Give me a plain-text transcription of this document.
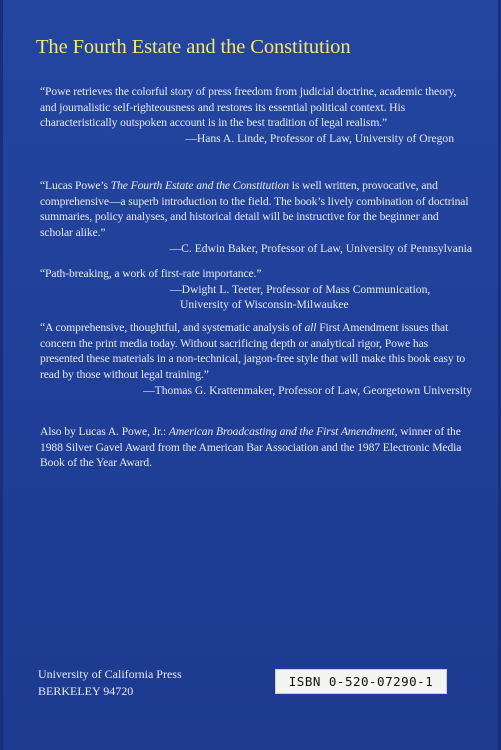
The Fourth Estate and the Constitution

“Powe retrieves the colorful story of press freedom from judicial doctrine, academic theory, and journalistic self-righteousness and restores its essential political context. His characteristically outspoken account is in the best tradition of legal realism.”

—Hans A. Linde, Professor of Law, University of Oregon

“Lucas Powe’s The Fourth Estate and the Constitution is well written, provocative, and comprehensive—a superb introduction to the field. The book’s lively combination of doctrinal summaries, policy analyses, and historical detail will be instructive for the beginner and scholar alike.”

—C. Edwin Baker, Professor of Law, University of Pennsylvania

“Path-breaking, a work of first-rate importance.”

—Dwight L. Teeter, Professor of Mass Communication,
University of Wisconsin-Milwaukee

“A comprehensive, thoughtful, and systematic analysis of all First Amendment issues that concern the print media today. Without sacrificing depth or analytical rigor, Powe has presented these materials in a non-technical, jargon-free style that will make this book easy to read by those without legal training.”

—Thomas G. Krattenmaker, Professor of Law, Georgetown University

Also by Lucas A. Powe, Jr.: American Broadcasting and the First Amendment, winner of the 1988 Silver Gavel Award from the American Bar Association and the 1987 Electronic Media Book of the Year Award.

University of California Press
BERKELEY 94720
ISBN 0-520-07290-1
